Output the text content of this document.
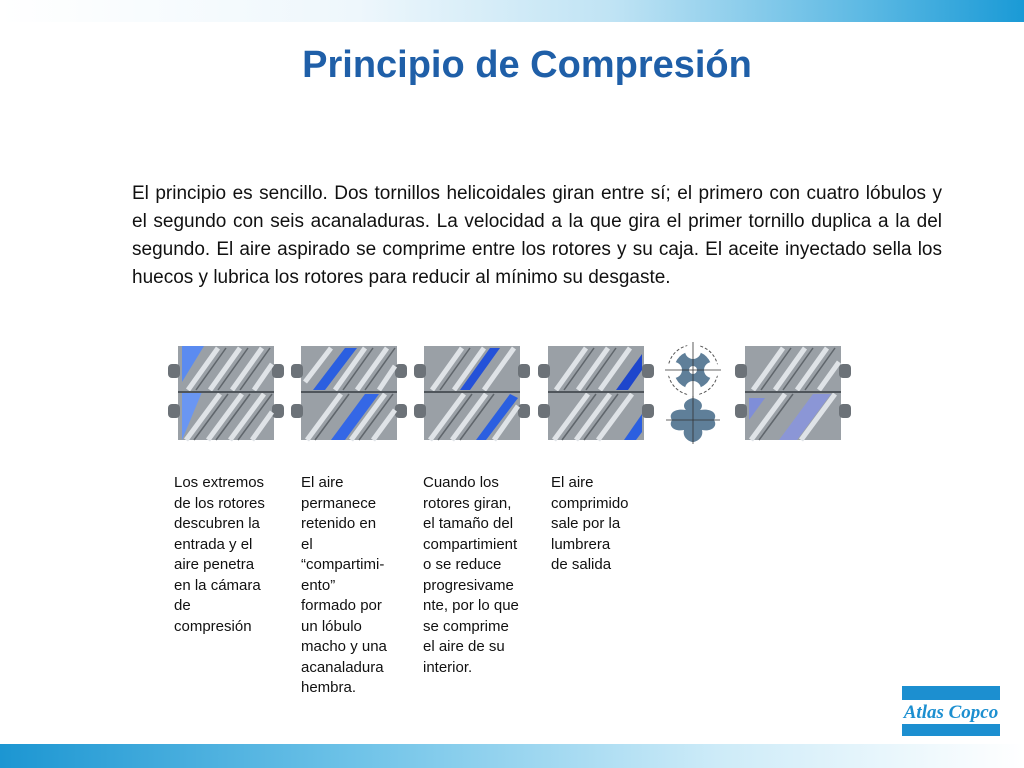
Principio de Compresión

El principio es sencillo. Dos tornillos helicoidales giran entre sí; el primero con cuatro lóbulos y el segundo con seis acanaladuras. La velocidad a la que gira el primer tornillo duplica a la del segundo. El aire aspirado se comprime entre los rotores y su caja. El aceite inyectado sella los huecos y lubrica los rotores para reducir al mínimo su desgaste.

Los extremos
de los rotores
descubren la
entrada y el
aire penetra
en la cámara
de
compresión

El aire
permanece
retenido en
el
“compartimi-
ento”
formado por
un lóbulo
macho y una
acanaladura
hembra.

Cuando los
rotores giran,
el tamaño del
compartimient
o se reduce
progresivame
nte, por lo que
se comprime
el aire de su
interior.

El aire
comprimido
sale por la
lumbrera
de salida

Atlas Copco
